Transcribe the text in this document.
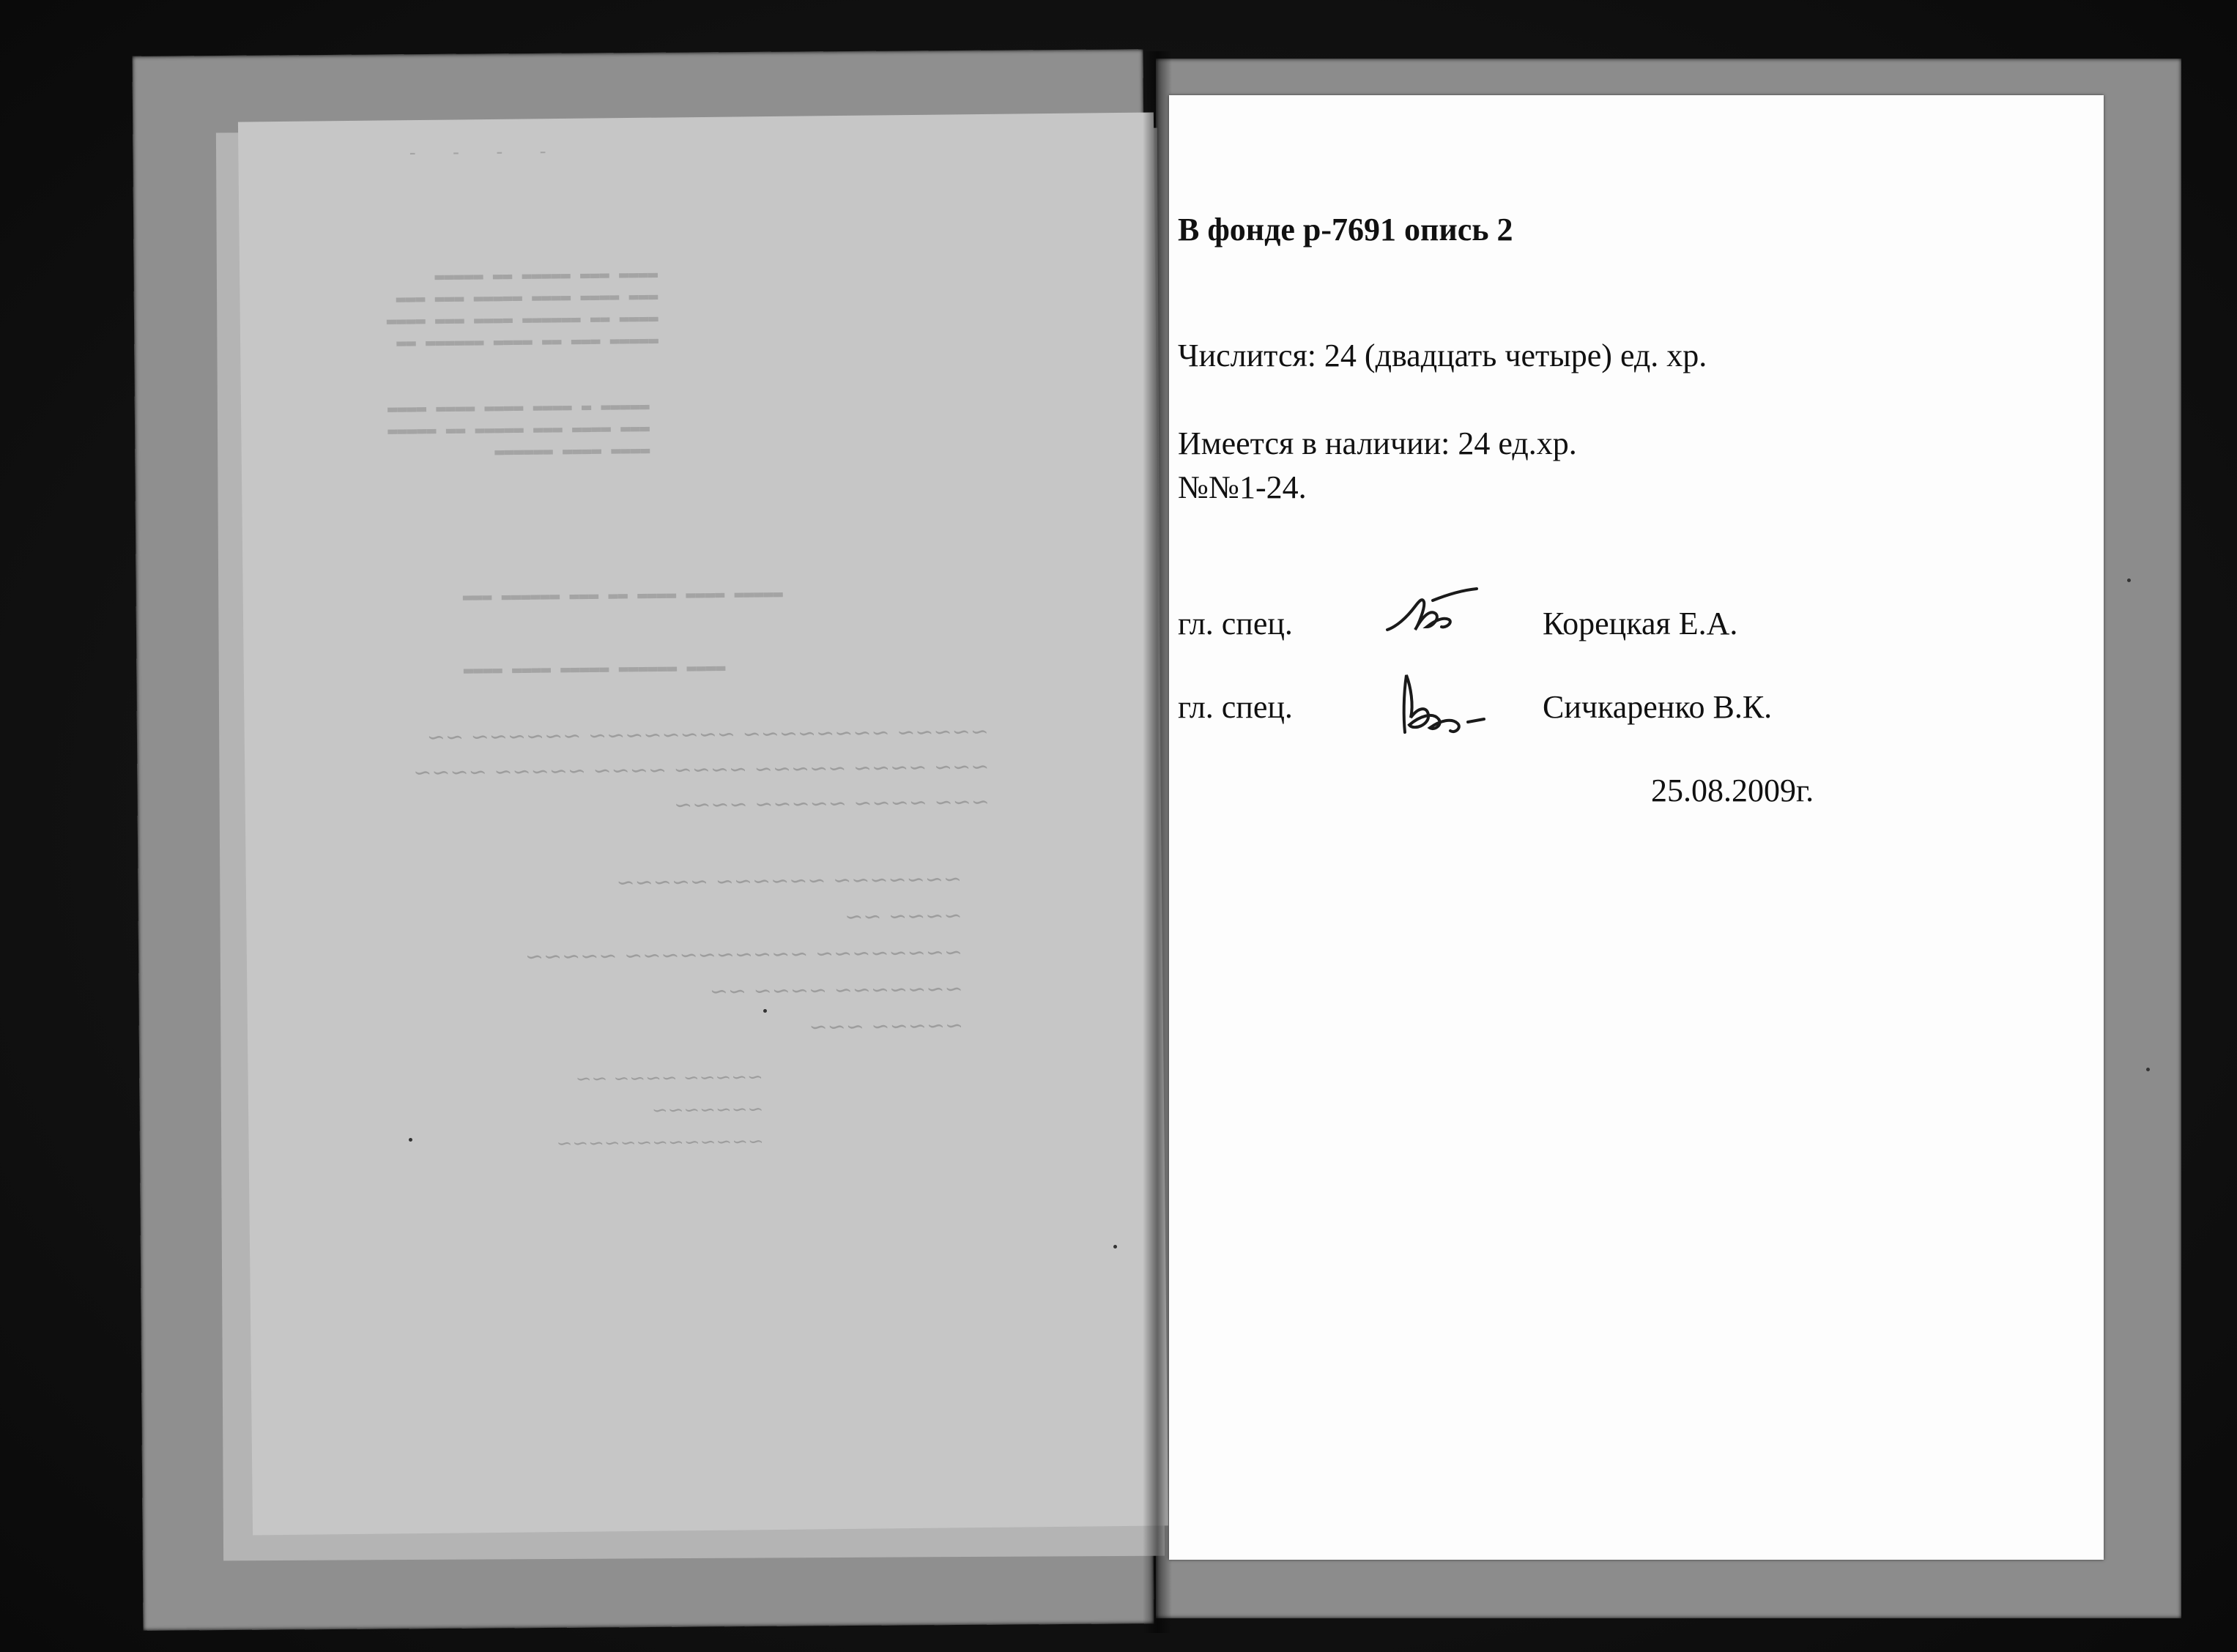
- - - -
▬▬▬▬ ▬▬▬ ▬▬▬▬▬ ▬▬ ▬▬▬▬▬
▬▬▬ ▬▬▬▬ ▬▬▬▬ ▬▬▬▬▬ ▬▬▬ ▬▬▬
▬▬▬▬ ▬▬ ▬▬▬▬▬▬ ▬▬▬▬ ▬▬▬ ▬▬▬▬
▬▬▬▬▬ ▬▬▬ ▬▬ ▬▬▬▬ ▬▬▬▬▬▬ ▬▬
▬▬▬▬▬ ▬ ▬▬▬▬ ▬▬▬▬ ▬▬▬▬ ▬▬▬▬
▬▬▬ ▬▬▬▬ ▬▬▬ ▬▬▬▬▬ ▬▬ ▬▬▬▬▬
▬▬▬▬ ▬▬▬▬ ▬▬▬▬▬▬
▬▬▬▬▬ ▬▬▬▬ ▬▬▬▬ ▬▬ ▬▬▬ ▬▬▬▬▬▬ ▬▬▬
▬▬▬▬ ▬▬▬▬▬▬ ▬▬▬▬▬ ▬▬▬▬ ▬▬▬▬
~~~~~ ~~~~~~~~ ~~~~~~~~ ~~~~~~ ~~
~~~ ~~~~ ~~~~~ ~~~~ ~~~~ ~~~~~ ~~~~
~~~ ~~~~ ~~~~~ ~~~~
~~~~~~~ ~~~~~~ ~~~~~
~~~~ ~~
~~~~~~~~ ~~~~~~~~~~ ~~~~~
~~~~~~~ ~~~~ ~~
~~~~~ ~~~
~~~~~ ~~~~ ~~
~~~~~~~
~~~~~~~~~~~~~
В фонде р-7691 опись 2
Числится: 24 (двадцать четыре) ед. хр.
Имеется в наличии: 24 ед.хр.
№№1-24.
гл. спец.	Корецкая Е.А.
гл. спец.	Сичкаренко В.К.
25.08.2009г.
